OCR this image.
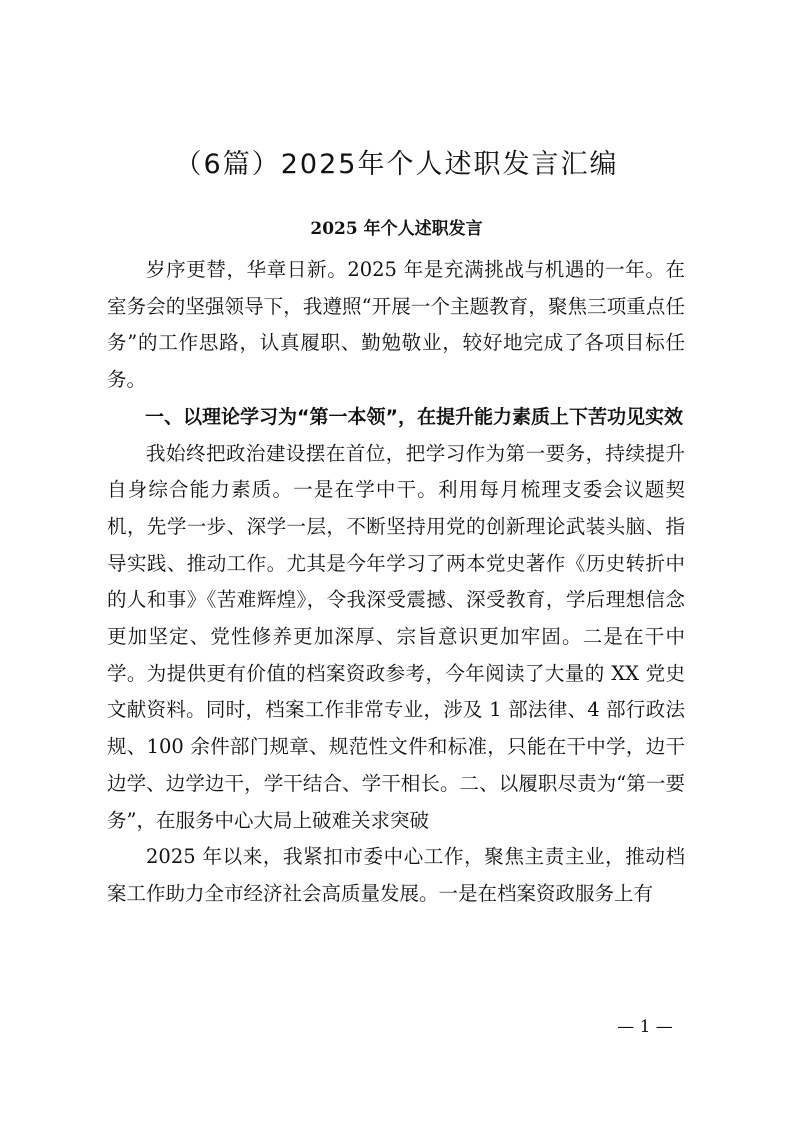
（6篇）2025年个人述职发言汇编
2025 年个人述职发言

岁序更替，华章日新。2025 年是充满挑战与机遇的一年。在室务会的坚强领导下，我遵照“开展一个主题教育，聚焦三项重点任务”的工作思路，认真履职、勤勉敬业，较好地完成了各项目标任务。

一、以理论学习为“第一本领”，在提升能力素质上下苦功见实效

我始终把政治建设摆在首位，把学习作为第一要务，持续提升自身综合能力素质。一是在学中干。利用每月梳理支委会议题契机，先学一步、深学一层，不断坚持用党的创新理论武装头脑、指导实践、推动工作。尤其是今年学习了两本党史著作《历史转折中的人和事》《苦难辉煌》，令我深受震撼、深受教育，学后理想信念更加坚定、党性修养更加深厚、宗旨意识更加牢固。二是在干中学。为提供更有价值的档案资政参考，今年阅读了大量的 XX 党史文献资料。同时，档案工作非常专业，涉及 1 部法律、4 部行政法规、100 余件部门规章、规范性文件和标准，只能在干中学，边干边学、边学边干，学干结合、学干相长。二、以履职尽责为“第一要务”，在服务中心大局上破难关求突破

2025 年以来，我紧扣市委中心工作，聚焦主责主业，推动档案工作助力全市经济社会高质量发展。一是在档案资政服务上有

— 1 —
